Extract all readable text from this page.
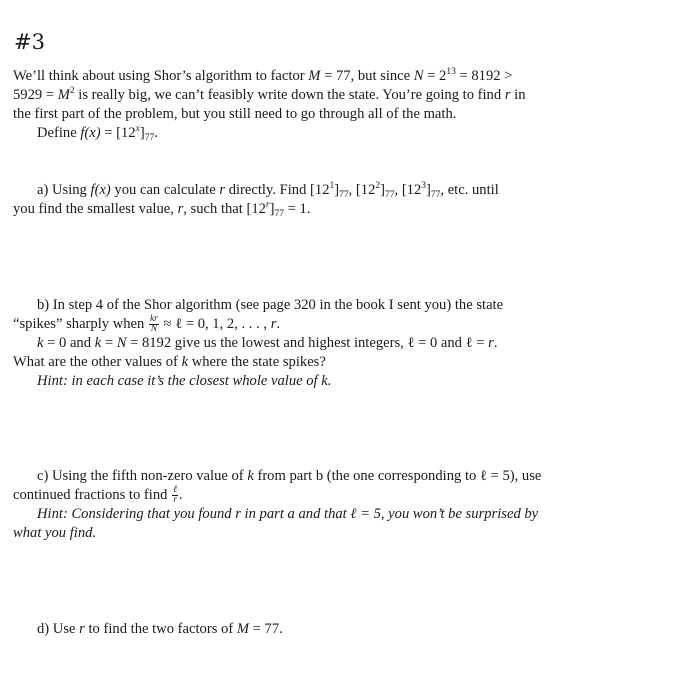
#3
We’ll think about using Shor’s algorithm to factor M = 77, but since $N = 2^{13} = 8192$ >
$5929 = M^2$ is really big, we can’t feasibly write down the state. You’re going to find r in
the first part of the problem, but you still need to go through all of the math.
Define $f(x) = [12^x]_{77}$.
a) Using f(x) you can calculate r directly. Find $[12^1]_{77}$, $[12^2]_{77}$, $[12^3]_{77}$, etc. until
you find the smallest value, r, such that $[12^r]_{77} = 1$.
b) In step 4 of the Shor algorithm (see page 320 in the book I sent you) the state
“spikes” sharply when $\frac{kr}{N}$ ≈ ℓ = 0, 1, 2, . . . , r.
k = 0 and k = N = 8192 give us the lowest and highest integers, ℓ = 0 and ℓ = r.
What are the other values of k where the state spikes?
Hint: in each case it’s the closest whole value of k.
c) Using the fifth non-zero value of k from part b (the one corresponding to ℓ = 5), use
continued fractions to find $\frac{\text{ℓ}}{r}$ .
Hint: Considering that you found r in part a and that ℓ = 5, you won’t be surprised by
what you find.
d) Use r to find the two factors of M = 77.
